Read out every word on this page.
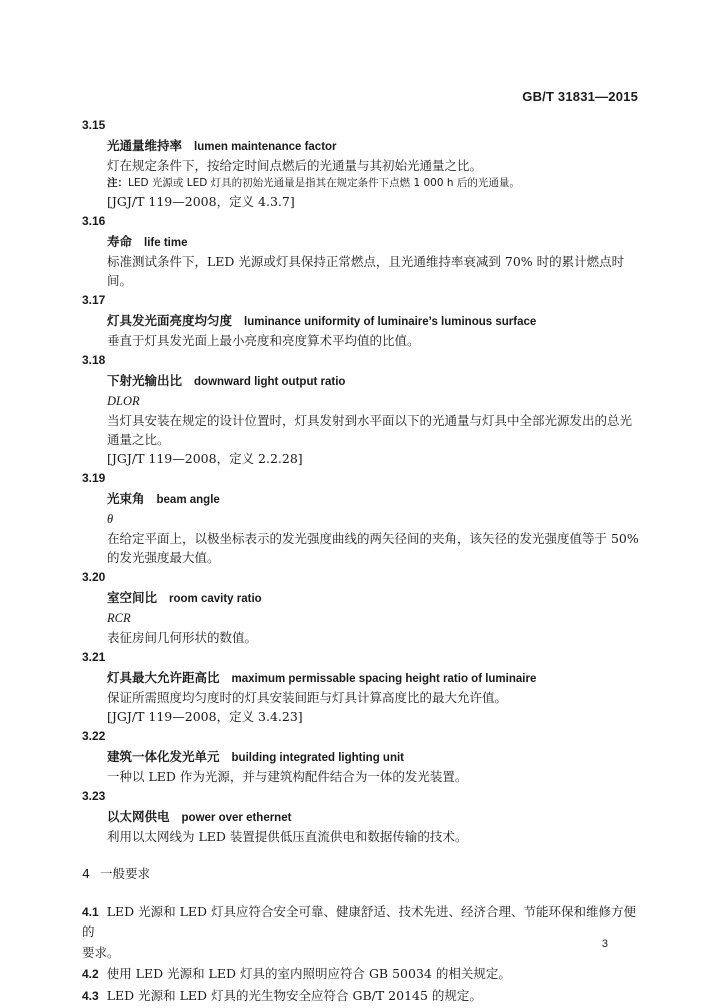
GB/T 31831—2015
3.15
光通量维持率 lumen maintenance factor
灯在规定条件下，按给定时间点燃后的光通量与其初始光通量之比。
注：LED 光源或 LED 灯具的初始光通量是指其在规定条件下点燃 1 000 h 后的光通量。
[JGJ/T 119—2008，定义 4.3.7]
3.16
寿命 life time
标准测试条件下，LED 光源或灯具保持正常燃点，且光通维持率衰减到 70% 时的累计燃点时间。
3.17
灯具发光面亮度均匀度 luminance uniformity of luminaire’s luminous surface
垂直于灯具发光面上最小亮度和亮度算术平均值的比值。
3.18
下射光输出比 downward light output ratio
DLOR
当灯具安装在规定的设计位置时，灯具发射到水平面以下的光通量与灯具中全部光源发出的总光
通量之比。
[JGJ/T 119—2008，定义 2.2.28]
3.19
光束角 beam angle
θ
在给定平面上，以极坐标表示的发光强度曲线的两矢径间的夹角，该矢径的发光强度值等于 50%
的发光强度最大值。
3.20
室空间比 room cavity ratio
RCR
表征房间几何形状的数值。
3.21
灯具最大允许距高比 maximum permissable spacing height ratio of luminaire
保证所需照度均匀度时的灯具安装间距与灯具计算高度比的最大允许值。
[JGJ/T 119—2008，定义 3.4.23]
3.22
建筑一体化发光单元 building integrated lighting unit
一种以 LED 作为光源，并与建筑构配件结合为一体的发光装置。
3.23
以太网供电 power over ethernet
利用以太网线为 LED 装置提供低压直流供电和数据传输的技术。
4 一般要求
4.1 LED 光源和 LED 灯具应符合安全可靠、健康舒适、技术先进、经济合理、节能环保和维修方便的
要求。
4.2 使用 LED 光源和 LED 灯具的室内照明应符合 GB 50034 的相关规定。
4.3 LED 光源和 LED 灯具的光生物安全应符合 GB/T 20145 的规定。
3
